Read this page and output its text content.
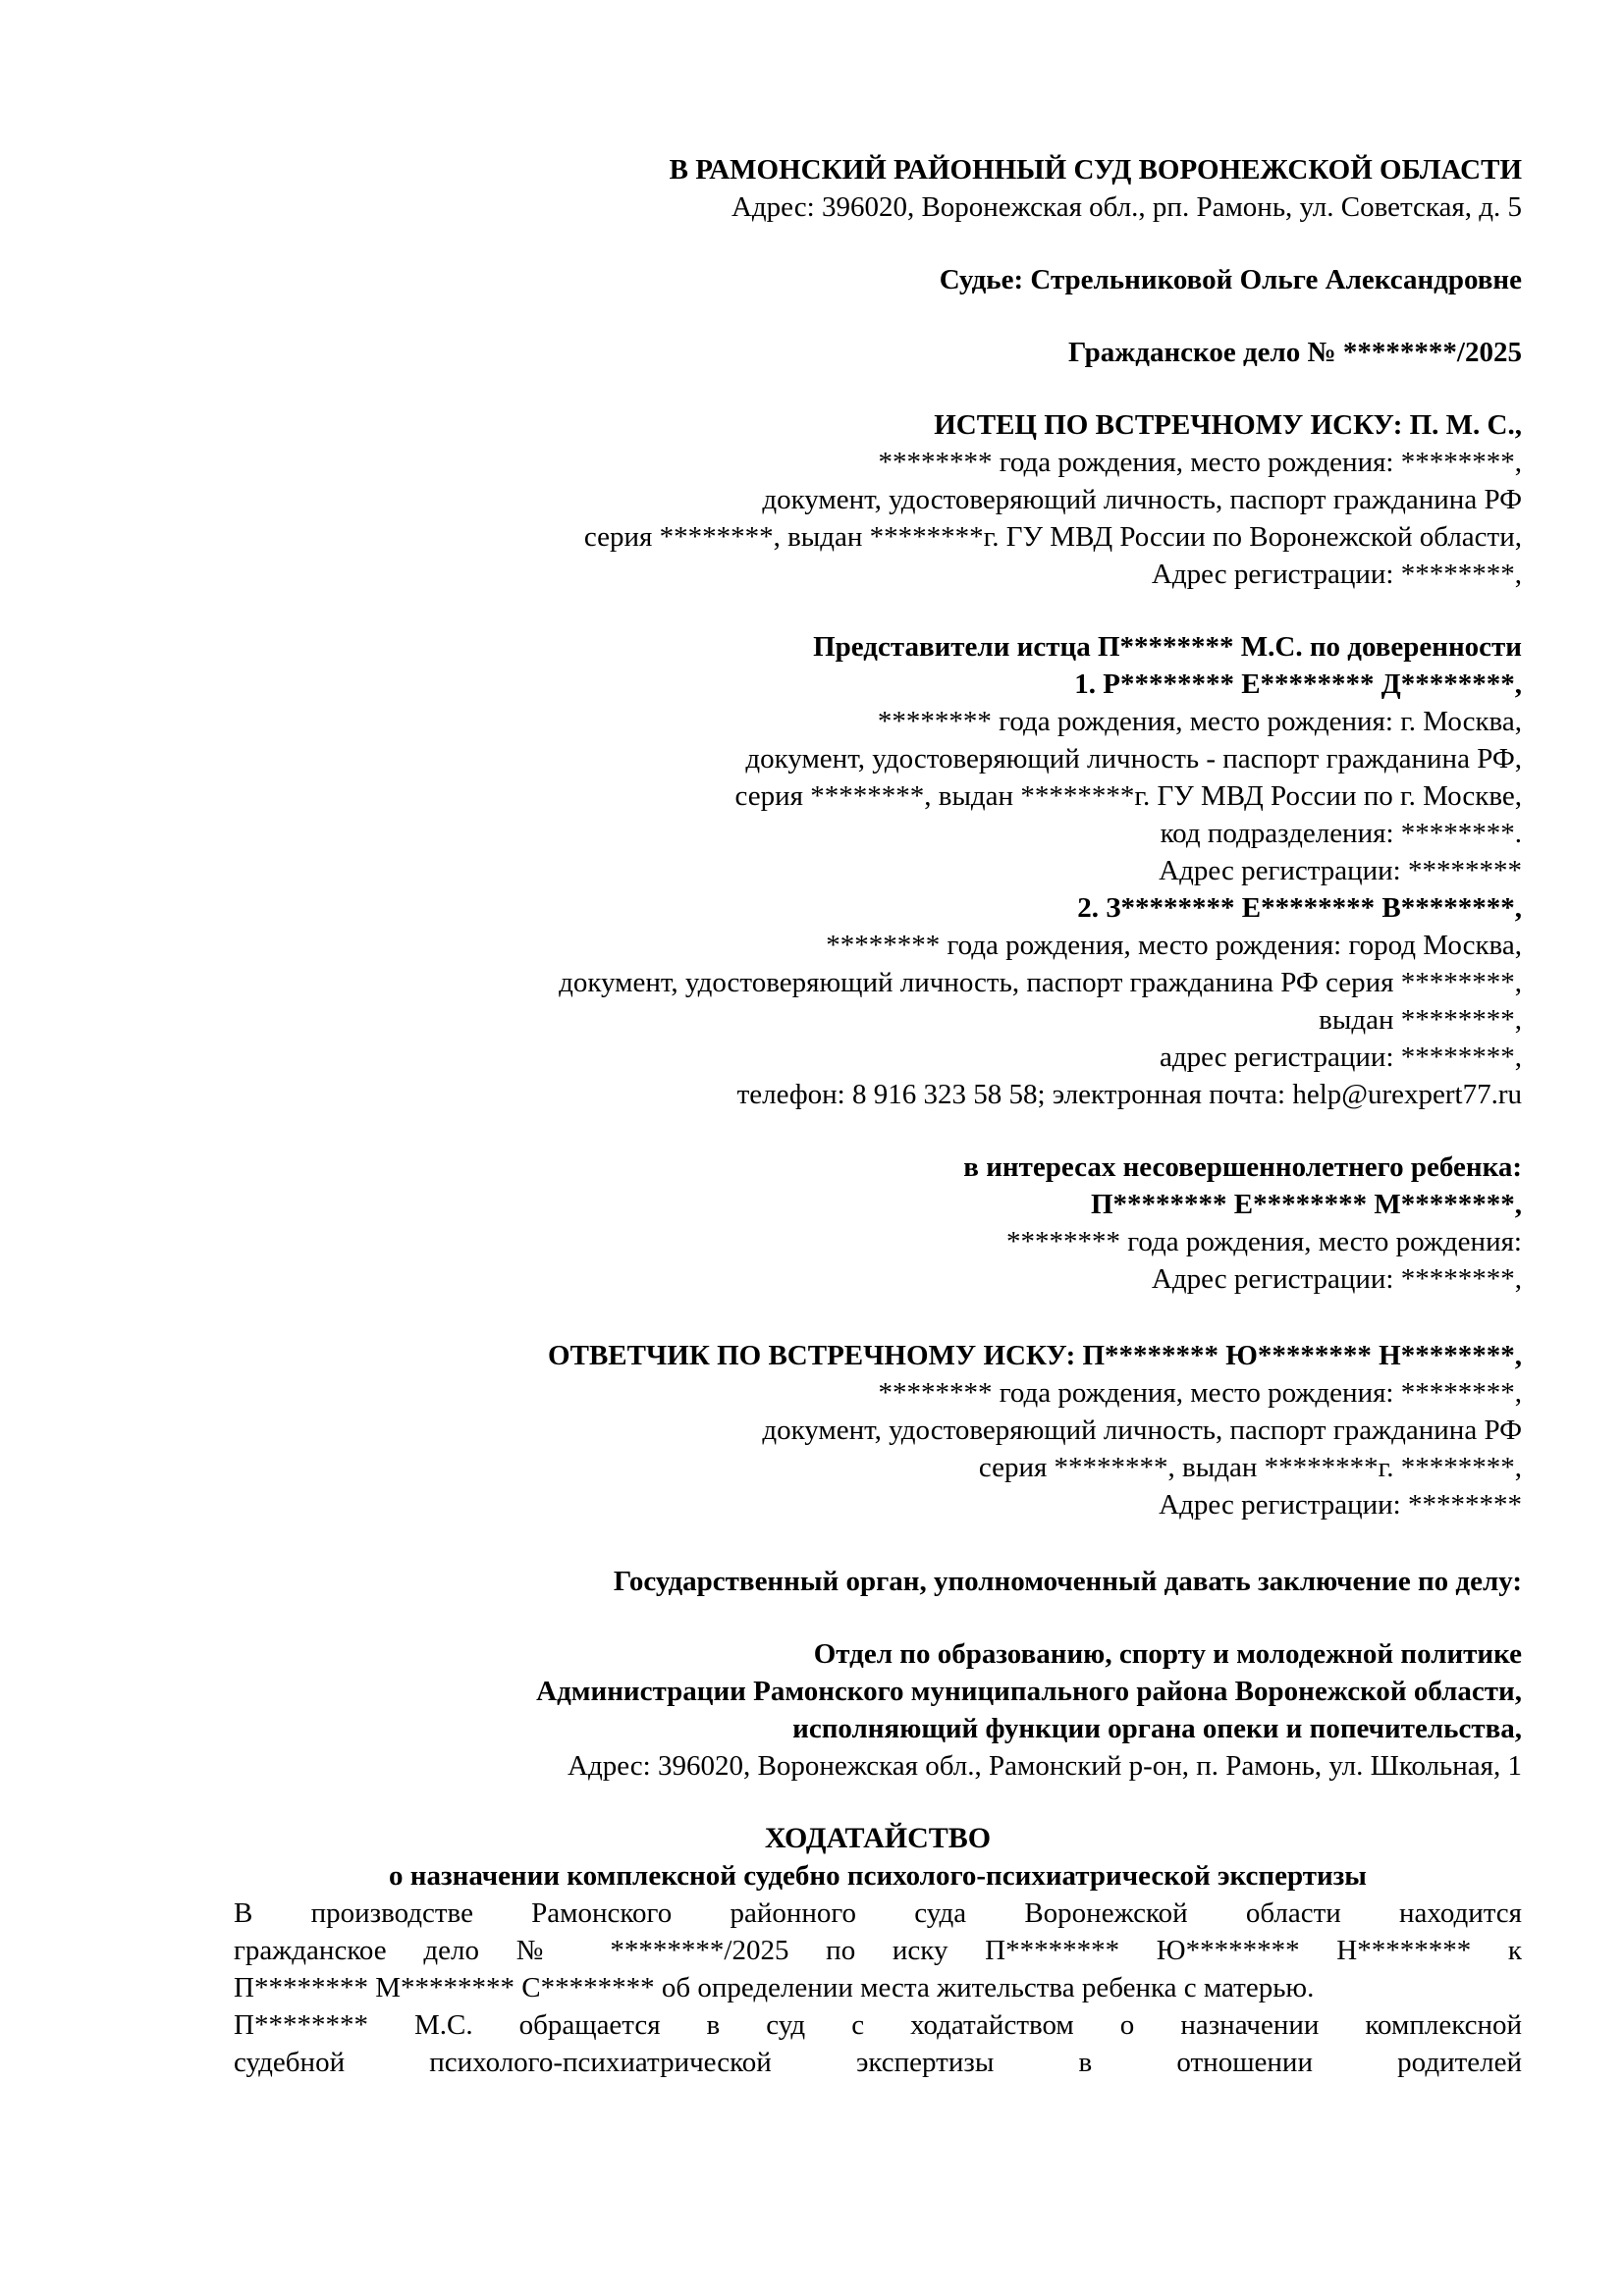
В РАМОНСКИЙ РАЙОННЫЙ СУД ВОРОНЕЖСКОЙ ОБЛАСТИ

Адрес: 396020, Воронежская обл., рп. Рамонь, ул. Советская, д. 5

Судье: Стрельниковой Ольге Александровне

Гражданское дело № ********/2025

ИСТЕЦ ПО ВСТРЕЧНОМУ ИСКУ: П. М. С.,

******** года рождения, место рождения: ********,

документ, удостоверяющий личность, паспорт гражданина РФ

серия ********, выдан ********г. ГУ МВД России по Воронежской области,

Адрес регистрации: ********,

Представители истца П******** М.С. по доверенности

1. Р******** Е******** Д********,

******** года рождения, место рождения: г. Москва,

документ, удостоверяющий личность - паспорт гражданина РФ,

серия ********, выдан ********г. ГУ МВД России по г. Москве,

код подразделения: ********.

Адрес регистрации: ********

2. З******** Е******** В********,

******** года рождения, место рождения: город Москва,

документ, удостоверяющий личность, паспорт гражданина РФ серия ********,

выдан ********,

адрес регистрации: ********,

телефон: 8 916 323 58 58; электронная почта: help@urexpert77.ru

в интересах несовершеннолетнего ребенка:

П******** Е******** М********,

******** года рождения, место рождения:

Адрес регистрации: ********,

ОТВЕТЧИК ПО ВСТРЕЧНОМУ ИСКУ: П******** Ю******** Н********,

******** года рождения, место рождения: ********,

документ, удостоверяющий личность, паспорт гражданина РФ

серия ********, выдан ********г. ********,

Адрес регистрации: ********

Государственный орган, уполномоченный давать заключение по делу:

Отдел по образованию, спорту и молодежной политике

Администрации Рамонского муниципального района Воронежской области,

исполняющий функции органа опеки и попечительства,

Адрес: 396020, Воронежская обл., Рамонский р-он, п. Рамонь, ул. Школьная, 1

ХОДАТАЙСТВО

о назначении комплексной судебно психолого-психиатрической экспертизы

В производстве Рамонского районного суда Воронежской области находится

гражданское дело № ********/2025 по иску П******** Ю******** Н******** к

П******** М******** С******** об определении места жительства ребенка с матерью.

П******** М.С. обращается в суд с ходатайством о назначении комплексной

судебной психолого-психиатрической экспертизы в отношении родителей
